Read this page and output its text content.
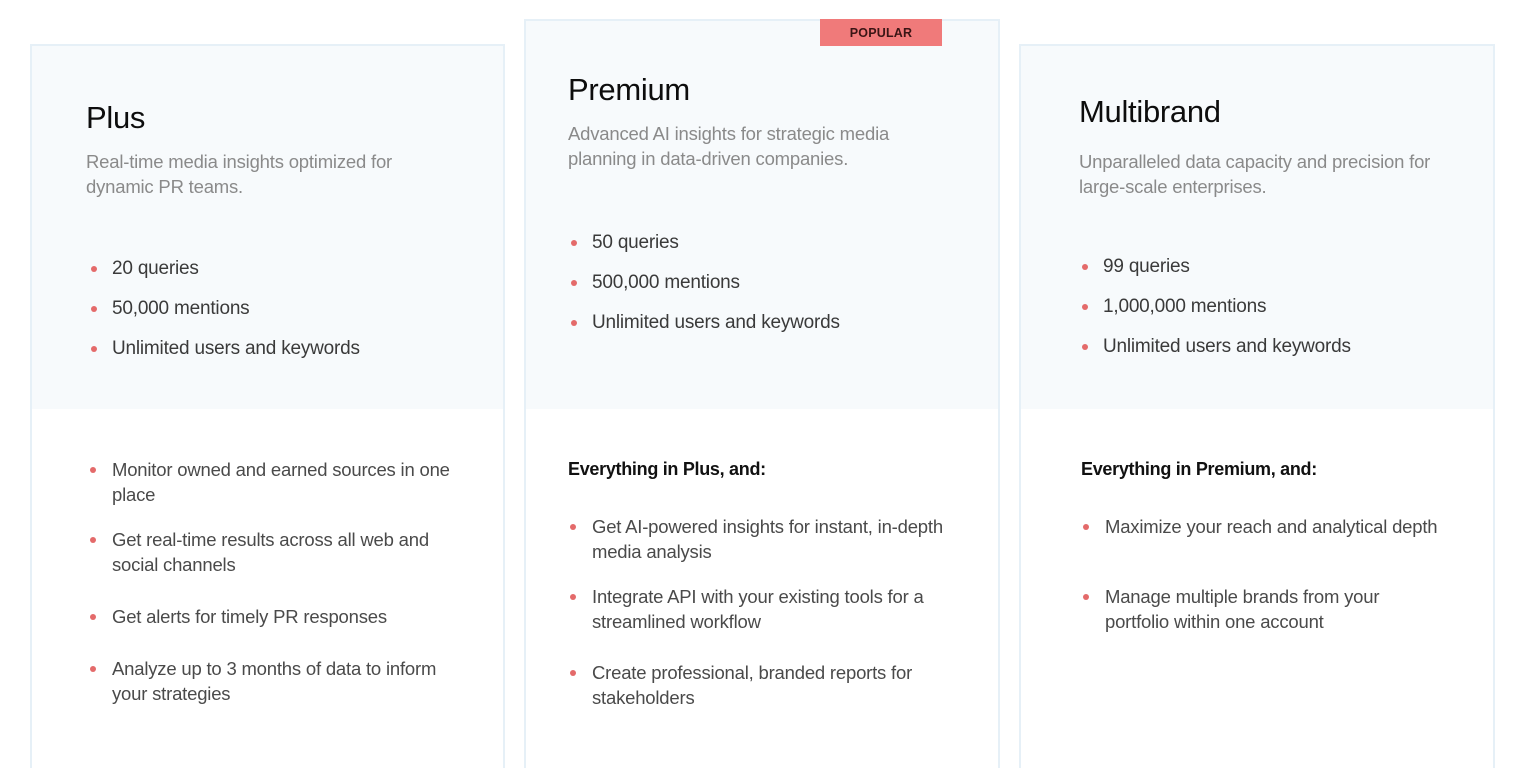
Plus
Real-time media insights optimized for dynamic PR teams.
20 queries
50,000 mentions
Unlimited users and keywords
Monitor owned and earned sources in one place
Get real-time results across all web and social channels
Get alerts for timely PR responses
Analyze up to 3 months of data to inform your strategies
Premium
Advanced AI insights for strategic media planning in data-driven companies.
50 queries
500,000 mentions
Unlimited users and keywords
Everything in Plus, and:
Get AI-powered insights for instant, in-depth media analysis
Integrate API with your existing tools for a streamlined workflow
Create professional, branded reports for stakeholders
POPULAR
Multibrand
Unparalleled data capacity and precision for large-scale enterprises.
99 queries
1,000,000 mentions
Unlimited users and keywords
Everything in Premium, and:
Maximize your reach and analytical depth
Manage multiple brands from your portfolio within one account
